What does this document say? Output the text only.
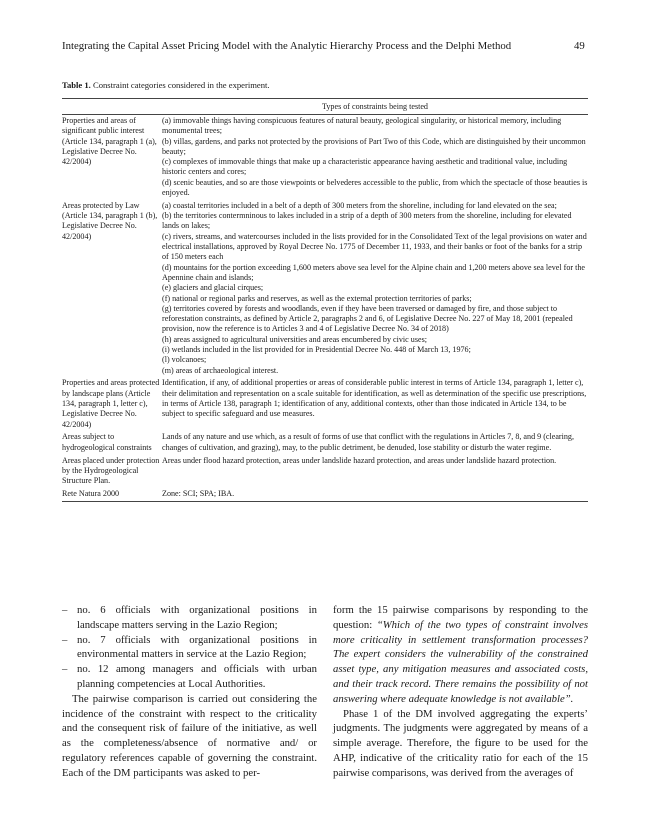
Integrating the Capital Asset Pricing Model with the Analytic Hierarchy Process and the Delphi Method	49
Table 1. Constraint categories considered in the experiment.
Types of constraints being tested
Properties and areas of significant public interest (Article 134, paragraph 1 (a), Legislative Decree No. 42/2004)

(a) immovable things having conspicuous features of natural beauty, geological singularity, or historical memory, including monumental trees;

(b) villas, gardens, and parks not protected by the provisions of Part Two of this Code, which are distinguished by their uncommon beauty;

(c) complexes of immovable things that make up a characteristic appearance having aesthetic and traditional value, including historic centers and cores;

(d) scenic beauties, and so are those viewpoints or belvederes accessible to the public, from which the spectacle of those beauties is enjoyed.

Areas protected by Law (Article 134, paragraph 1 (b), Legislative Decree No. 42/2004)

(a) coastal territories included in a belt of a depth of 300 meters from the shoreline, including for land elevated on the sea;

(b) the territories contermninous to lakes included in a strip of a depth of 300 meters from the shoreline, including for elevated lands on lakes;

(c) rivers, streams, and watercourses included in the lists provided for in the Consolidated Text of the legal provisions on water and electrical installations, approved by Royal Decree No. 1775 of December 11, 1933, and their banks or foot of the banks for a strip of 150 meters each

(d) mountains for the portion exceeding 1,600 meters above sea level for the Alpine chain and 1,200 meters above sea level for the Apennine chain and islands;

(e) glaciers and glacial cirques;

(f) national or regional parks and reserves, as well as the external protection territories of parks;

(g) territories covered by forests and woodlands, even if they have been traversed or damaged by fire, and those subject to reforestation constraints, as defined by Article 2, paragraphs 2 and 6, of Legislative Decree No. 227 of May 18, 2001 (repealed provision, now the reference is to Articles 3 and 4 of Legislative Decree No. 34 of 2018)

(h) areas assigned to agricultural universities and areas encumbered by civic uses;

(i) wetlands included in the list provided for in Presidential Decree No. 448 of March 13, 1976;

(l) volcanoes;

(m) areas of archaeological interest.

Properties and areas protected by landscape plans (Article 134, paragraph 1, letter c), Legislative Decree No. 42/2004)

Identification, if any, of additional properties or areas of considerable public interest in terms of Article 134, paragraph 1, letter c), their delimitation and representation on a scale suitable for identification, as well as determination of the specific use prescriptions, in terms of Article 138, paragraph 1; identification of any, additional contexts, other than those indicated in Article 134, to be subject to specific safeguard and use measures.

Areas subject to hydrogeological constraints

Lands of any nature and use which, as a result of forms of use that conflict with the regulations in Articles 7, 8, and 9 (clearing, changes of cultivation, and grazing), may, to the public detriment, be denuded, lose stability or disturb the water regime.

Areas placed under protection by the Hydrogeological Structure Plan.

Areas under flood hazard protection, areas under landslide hazard protection, and areas under landslide hazard protection.

Rete Natura 2000	Zone: SCI; SPA; IBA.

– no. 6 officials with organizational positions in landscape matters serving in the Lazio Region;
– no. 7 officials with organizational positions in environmental matters in service at the Lazio Region;
– no. 12 among managers and officials with urban planning competencies at Local Authorities.

The pairwise comparison is carried out considering the incidence of the constraint with respect to the criticality and the consequent risk of failure of the initiative, as well as the completeness/absence of normative and/ or regulatory references capable of governing the constraint. Each of the DM participants was asked to per-

form the 15 pairwise comparisons by responding to the question: “Which of the two types of constraint involves more criticality in settlement transformation processes? The expert considers the vulnerability of the constrained asset type, any mitigation measures and associated costs, and their track record. There remains the possibility of not answering where adequate knowledge is not available”.

Phase 1 of the DM involved aggregating the experts’ judgments. The judgments were aggregated by means of a simple average. Therefore, the figure to be used for the AHP, indicative of the criticality ratio for each of the 15 pairwise comparisons, was derived from the averages of
